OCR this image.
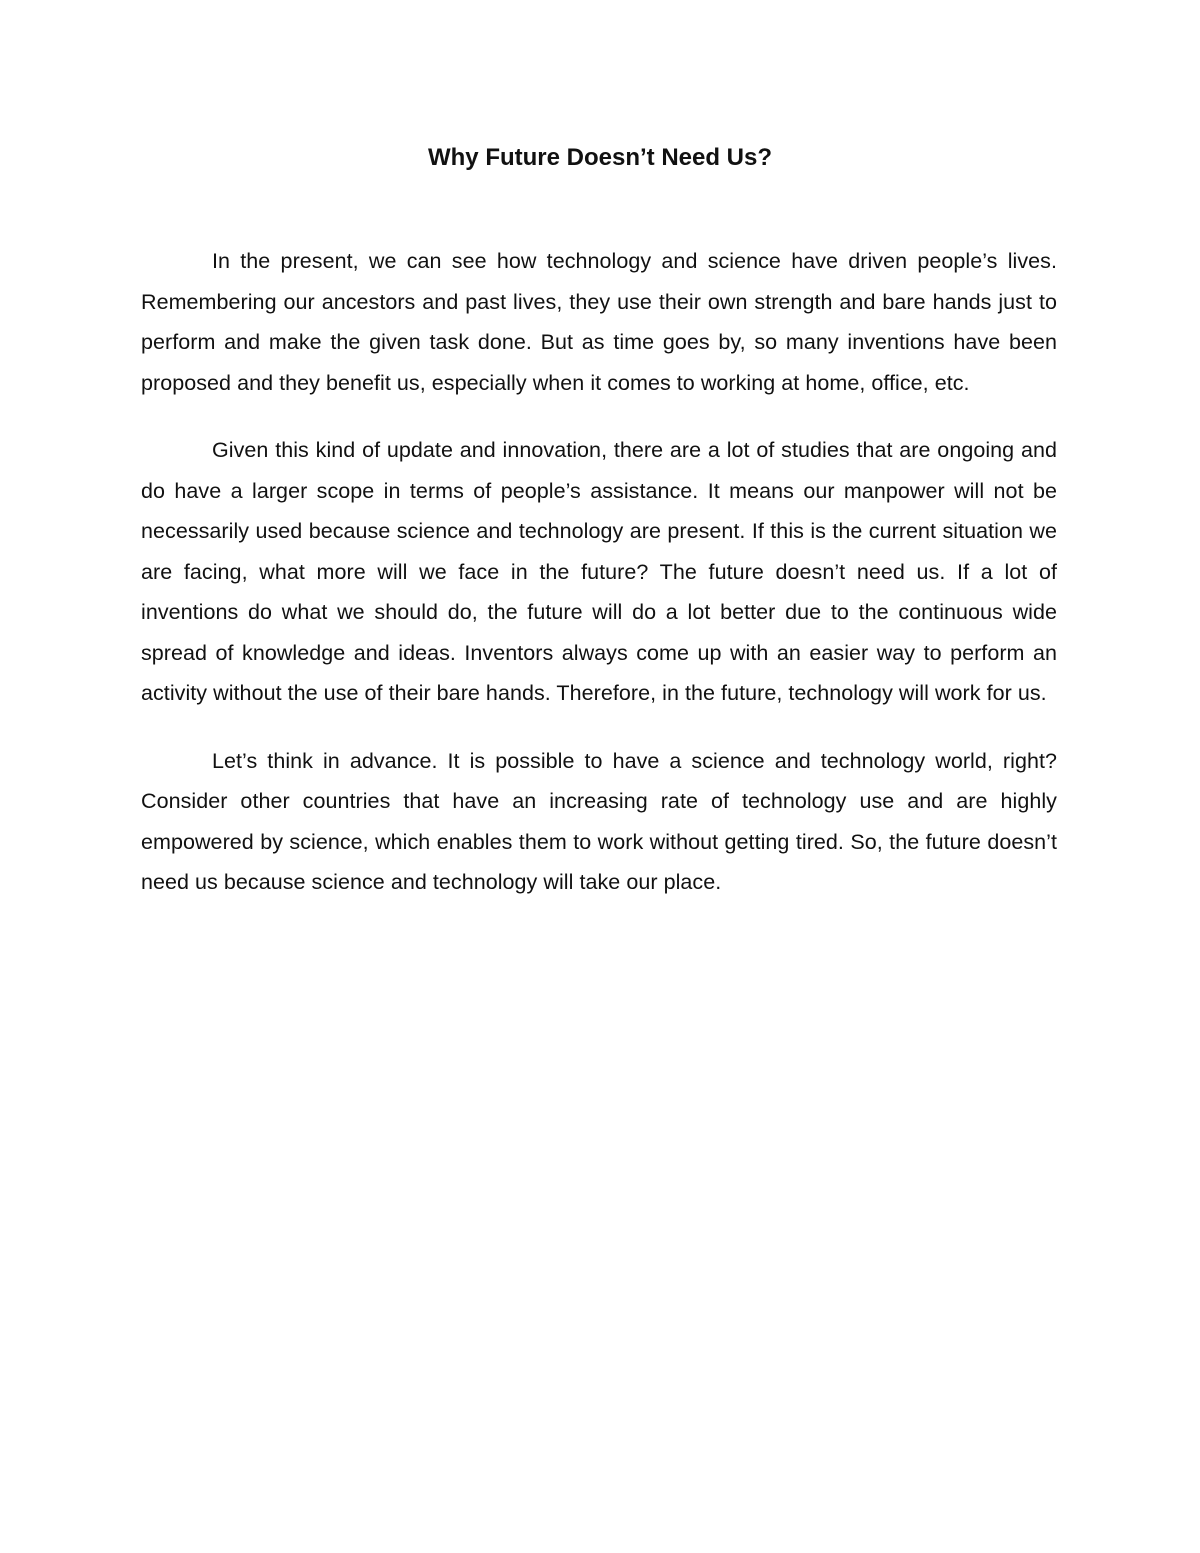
Why Future Doesn’t Need Us?

In the present, we can see how technology and science have driven people’s lives. Remembering our ancestors and past lives, they use their own strength and bare hands just to perform and make the given task done. But as time goes by, so many inventions have been proposed and they benefit us, especially when it comes to working at home, office, etc.

Given this kind of update and innovation, there are a lot of studies that are ongoing and do have a larger scope in terms of people’s assistance. It means our manpower will not be necessarily used because science and technology are present. If this is the current situation we are facing, what more will we face in the future? The future doesn’t need us. If a lot of inventions do what we should do, the future will do a lot better due to the continuous wide spread of knowledge and ideas. Inventors always come up with an easier way to perform an activity without the use of their bare hands. Therefore, in the future, technology will work for us.

Let’s think in advance. It is possible to have a science and technology world, right? Consider other countries that have an increasing rate of technology use and are highly empowered by science, which enables them to work without getting tired. So, the future doesn’t need us because science and technology will take our place.
